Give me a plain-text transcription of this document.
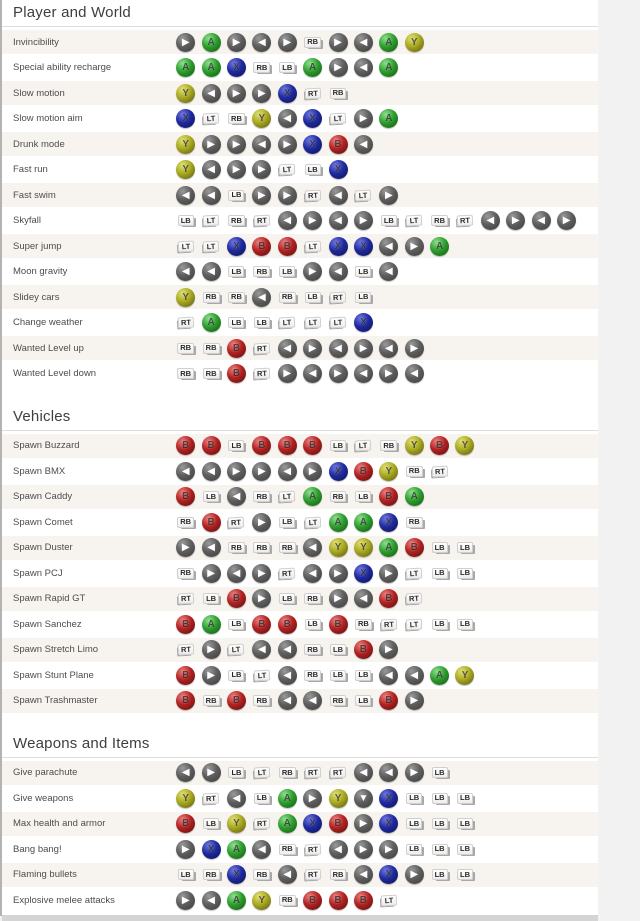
Player and World
Invincibility	▶ A ▶ ◀ ▶	RB	▶ ◀ A Y
Special ability recharge	A A X	RB	LB	A ▶ ◀ A
Slow motion	Y ◀ ▶ ▶ X	RT	RB
Slow motion aim	X	LT	RB	Y ◀ X	LT	▶ A
Drunk mode	Y ▶ ▶ ◀ ▶ X B ◀
Fast run	Y ◀ ▶ ▶	LT	LB	X
Fast swim	◀ ◀	LB	▶ ▶	RT	◀	LT	▶
Skyfall	LB	LT	RB	RT	◀ ▶ ◀ ▶	LB	LT	RB	RT	◀ ▶ ◀ ▶
Super jump	LT	LT	X B B	LT	X X ◀ ▶ A
Moon gravity	◀ ◀	LB	RB	LB	▶ ◀	LB	◀
Slidey cars	Y	RB	RB	◀	RB	LB	RT	LB
Change weather	RT	A	LB	LB	LT	LT	LT	X
Wanted Level up	RB	RB	B	RT	◀ ▶ ◀ ▶ ◀ ▶
Wanted Level down	RB	RB	B	RT	▶ ◀ ▶ ◀ ▶ ◀
Vehicles
Spawn Buzzard	B B	LB	B B B	LB	LT	RB	Y B Y
Spawn BMX	◀ ◀ ▶ ▶ ◀ ▶ X B Y	RB	RT
Spawn Caddy	B	LB	◀	RB	LT	A	RB	LB	B A
Spawn Comet	RB	B	RT	▶	LB	LT	A A X	RB
Spawn Duster	▶ ◀	RB	RB	RB	◀ Y Y A B	LB	LB
Spawn PCJ	RB	▶ ◀ ▶	RT	◀ ▶ X ▶	LT	LB	LB
Spawn Rapid GT	RT	LB	B ▶	LB	RB	▶ ◀ B	RT
Spawn Sanchez	B A	LB	B B	LB	B	RB	RT	LT	LB	LB
Spawn Stretch Limo	RT	▶	LT	◀ ◀	RB	LB	B ▶
Spawn Stunt Plane	B ▶	LB	LT	◀	RB	LB	LB	◀ ◀ A Y
Spawn Trashmaster	B	RB	B	RB	◀ ◀	RB	LB	B ▶
Weapons and Items
Give parachute	◀ ▶	LB	LT	RB	RT	RT	◀ ◀ ▶	LB
Give weapons	Y	RT	◀	LB	A ▶ Y ▼ X	LB	LB	LB
Max health and armor	B	LB	Y	RT	A X B ▶ X	LB	LB	LB
Bang bang!	▶ X A ◀	RB	RT	◀ ▶ ▶	LB	LB	LB
Flaming bullets	LB	RB	X	RB	◀	RT	RB	◀ X ▶	LB	LB
Explosive melee attacks	▶ ◀ A Y	RB	B B B	LT
